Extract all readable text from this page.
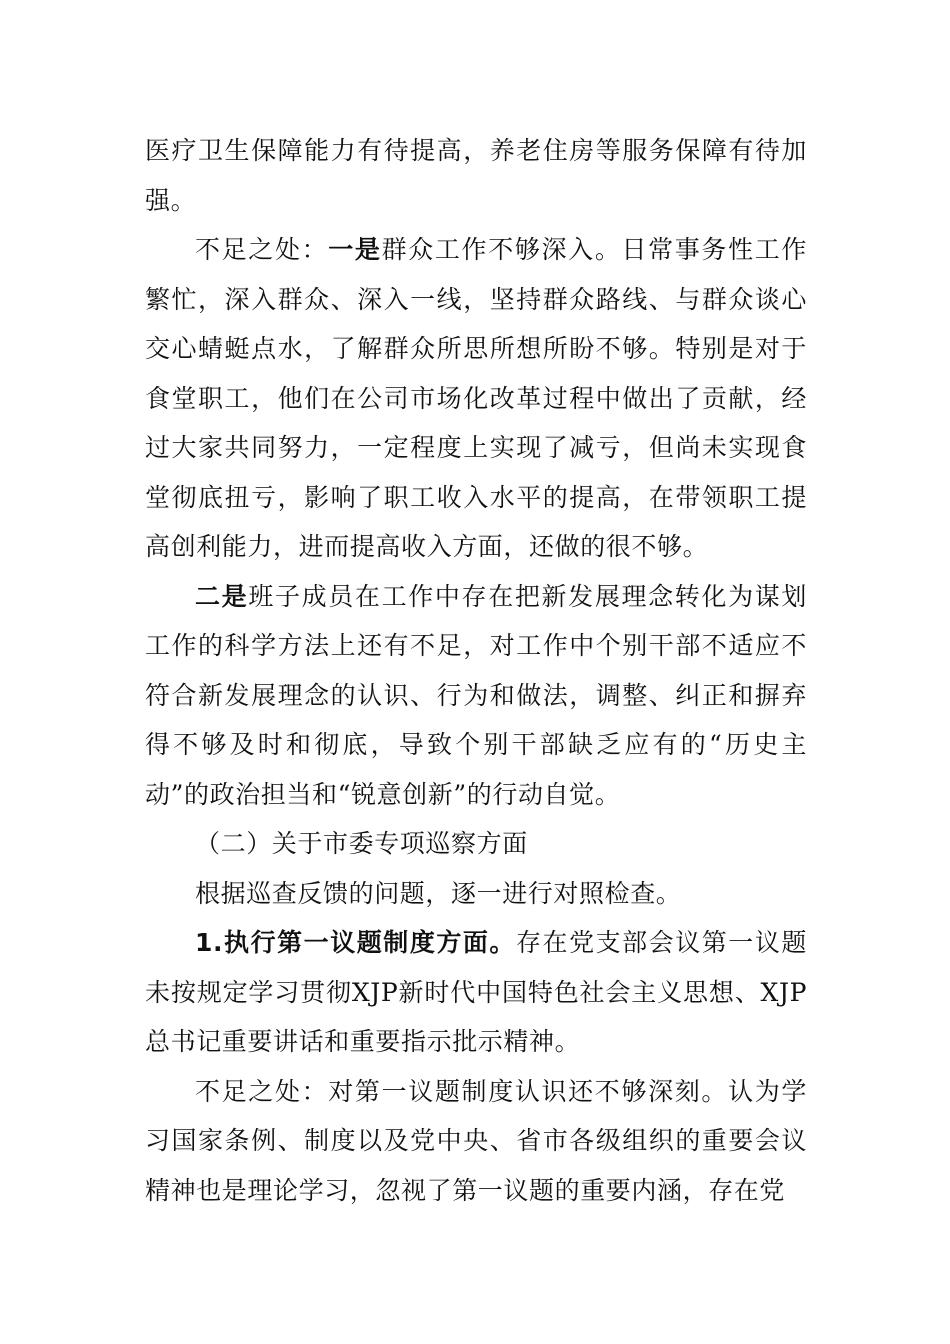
医疗卫生保障能力有待提高，养老住房等服务保障有待加强。

不足之处：一是群众工作不够深入。日常事务性工作繁忙，深入群众、深入一线，坚持群众路线、与群众谈心交心蜻蜓点水，了解群众所思所想所盼不够。特别是对于食堂职工，他们在公司市场化改革过程中做出了贡献，经过大家共同努力，一定程度上实现了减亏，但尚未实现食堂彻底扭亏，影响了职工收入水平的提高，在带领职工提高创利能力，进而提高收入方面，还做的很不够。

二是班子成员在工作中存在把新发展理念转化为谋划工作的科学方法上还有不足，对工作中个别干部不适应不符合新发展理念的认识、行为和做法，调整、纠正和摒弃得不够及时和彻底，导致个别干部缺乏应有的“历史主动”的政治担当和“锐意创新”的行动自觉。

（二）关于市委专项巡察方面

根据巡查反馈的问题，逐一进行对照检查。

1.执行第一议题制度方面。存在党支部会议第一议题未按规定学习贯彻XJP新时代中国特色社会主义思想、XJP总书记重要讲话和重要指示批示精神。

不足之处：对第一议题制度认识还不够深刻。认为学习国家条例、制度以及党中央、省市各级组织的重要会议精神也是理论学习，忽视了第一议题的重要内涵，存在党
